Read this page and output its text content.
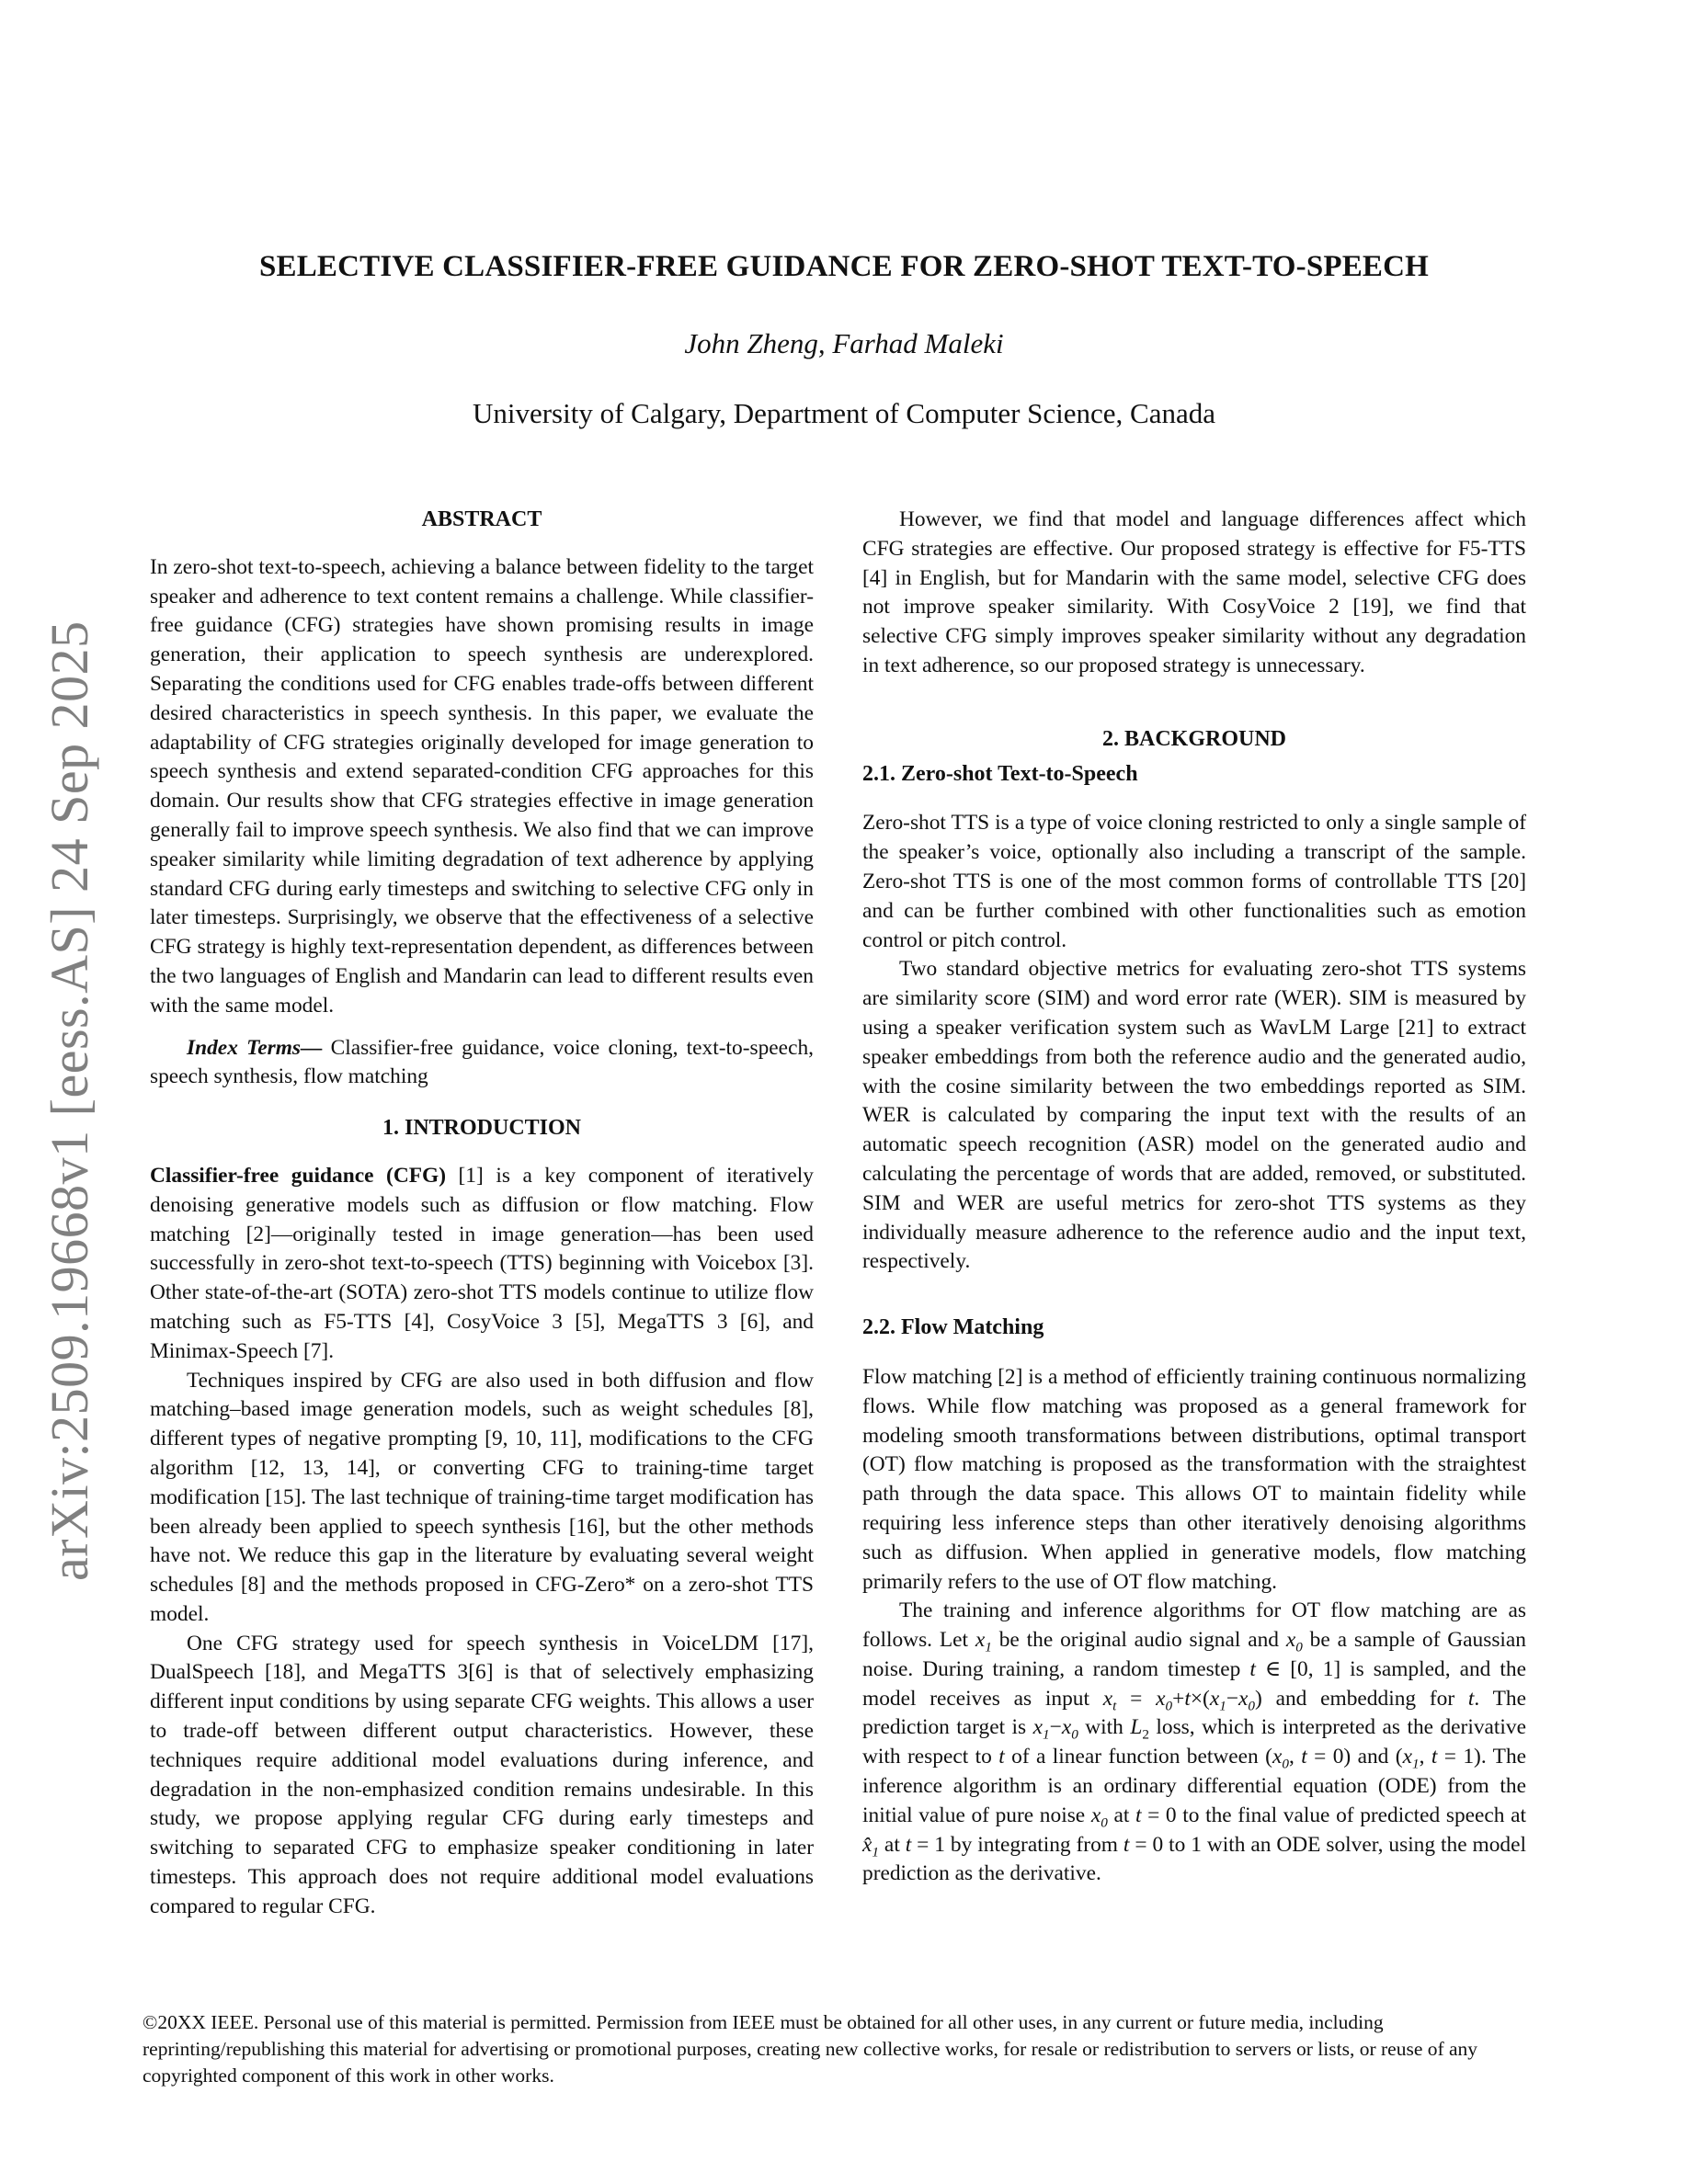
arXiv:2509.19668v1 [eess.AS] 24 Sep 2025
SELECTIVE CLASSIFIER-FREE GUIDANCE FOR ZERO-SHOT TEXT-TO-SPEECH
John Zheng, Farhad Maleki
University of Calgary, Department of Computer Science, Canada

ABSTRACT

In zero-shot text-to-speech, achieving a balance between fidelity to the target speaker and adherence to text content remains a challenge. While classifier-free guidance (CFG) strategies have shown promising results in image generation, their application to speech synthesis are underexplored. Separating the conditions used for CFG enables trade-offs between different desired characteristics in speech synthesis. In this paper, we evaluate the adaptability of CFG strategies originally developed for image generation to speech synthesis and extend separated-condition CFG approaches for this domain. Our results show that CFG strategies effective in image generation generally fail to improve speech synthesis. We also find that we can improve speaker similarity while limiting degradation of text adherence by applying standard CFG during early timesteps and switching to selective CFG only in later timesteps. Surprisingly, we observe that the effectiveness of a selective CFG strategy is highly text-representation dependent, as differences between the two languages of English and Mandarin can lead to different results even with the same model.

Index Terms— Classifier-free guidance, voice cloning, text-to-speech, speech synthesis, flow matching

1. INTRODUCTION

Classifier-free guidance (CFG) [1] is a key component of iteratively denoising generative models such as diffusion or flow matching. Flow matching [2]—originally tested in image generation—has been used successfully in zero-shot text-to-speech (TTS) beginning with Voicebox [3]. Other state-of-the-art (SOTA) zero-shot TTS models continue to utilize flow matching such as F5-TTS [4], CosyVoice 3 [5], MegaTTS 3 [6], and Minimax-Speech [7].

Techniques inspired by CFG are also used in both diffusion and flow matching–based image generation models, such as weight schedules [8], different types of negative prompting [9, 10, 11], modifications to the CFG algorithm [12, 13, 14], or converting CFG to training-time target modification [15]. The last technique of training-time target modification has been already been applied to speech synthesis [16], but the other methods have not. We reduce this gap in the literature by evaluating several weight schedules [8] and the methods proposed in CFG-Zero* on a zero-shot TTS model.

One CFG strategy used for speech synthesis in VoiceLDM [17], DualSpeech [18], and MegaTTS 3[6] is that of selectively emphasizing different input conditions by using separate CFG weights. This allows a user to trade-off between different output characteristics. However, these techniques require additional model evaluations during inference, and degradation in the non-emphasized condition remains undesirable. In this study, we propose applying regular CFG during early timesteps and switching to separated CFG to emphasize speaker conditioning in later timesteps. This approach does not require additional model evaluations compared to regular CFG.

However, we find that model and language differences affect which CFG strategies are effective. Our proposed strategy is effective for F5-TTS [4] in English, but for Mandarin with the same model, selective CFG does not improve speaker similarity. With CosyVoice 2 [19], we find that selective CFG simply improves speaker similarity without any degradation in text adherence, so our proposed strategy is unnecessary.

2. BACKGROUND

2.1. Zero-shot Text-to-Speech

Zero-shot TTS is a type of voice cloning restricted to only a single sample of the speaker’s voice, optionally also including a transcript of the sample. Zero-shot TTS is one of the most common forms of controllable TTS [20] and can be further combined with other functionalities such as emotion control or pitch control.

Two standard objective metrics for evaluating zero-shot TTS systems are similarity score (SIM) and word error rate (WER). SIM is measured by using a speaker verification system such as WavLM Large [21] to extract speaker embeddings from both the reference audio and the generated audio, with the cosine similarity between the two embeddings reported as SIM. WER is calculated by comparing the input text with the results of an automatic speech recognition (ASR) model on the generated audio and calculating the percentage of words that are added, removed, or substituted. SIM and WER are useful metrics for zero-shot TTS systems as they individually measure adherence to the reference audio and the input text, respectively.

2.2. Flow Matching

Flow matching [2] is a method of efficiently training continuous normalizing flows. While flow matching was proposed as a general framework for modeling smooth transformations between distributions, optimal transport (OT) flow matching is proposed as the transformation with the straightest path through the data space. This allows OT to maintain fidelity while requiring less inference steps than other iteratively denoising algorithms such as diffusion. When applied in generative models, flow matching primarily refers to the use of OT flow matching.

The training and inference algorithms for OT flow matching are as follows. Let $x_1$ be the original audio signal and $x_0$ be a sample of Gaussian noise. During training, a random timestep t ∈ [0, 1] is sampled, and the model receives as input $x_t = x_0+t\times(x_1-x_0)$ and embedding for t. The prediction target is $x_1-x_0$ with $L_2$ loss, which is interpreted as the derivative with respect to t of a linear function between ($x_0$, t = 0) and ($x_1$, t = 1). The inference algorithm is an ordinary differential equation (ODE) from the initial value of pure noise $x_0$ at t = 0 to the final value of predicted speech at $x̂_1$ at t = 1 by integrating from t = 0 to 1 with an ODE solver, using the model prediction as the derivative.

©20XX IEEE. Personal use of this material is permitted. Permission from IEEE must be obtained for all other uses, in any current or future media, including reprinting/republishing this material for advertising or promotional purposes, creating new collective works, for resale or redistribution to servers or lists, or reuse of any copyrighted component of this work in other works.
